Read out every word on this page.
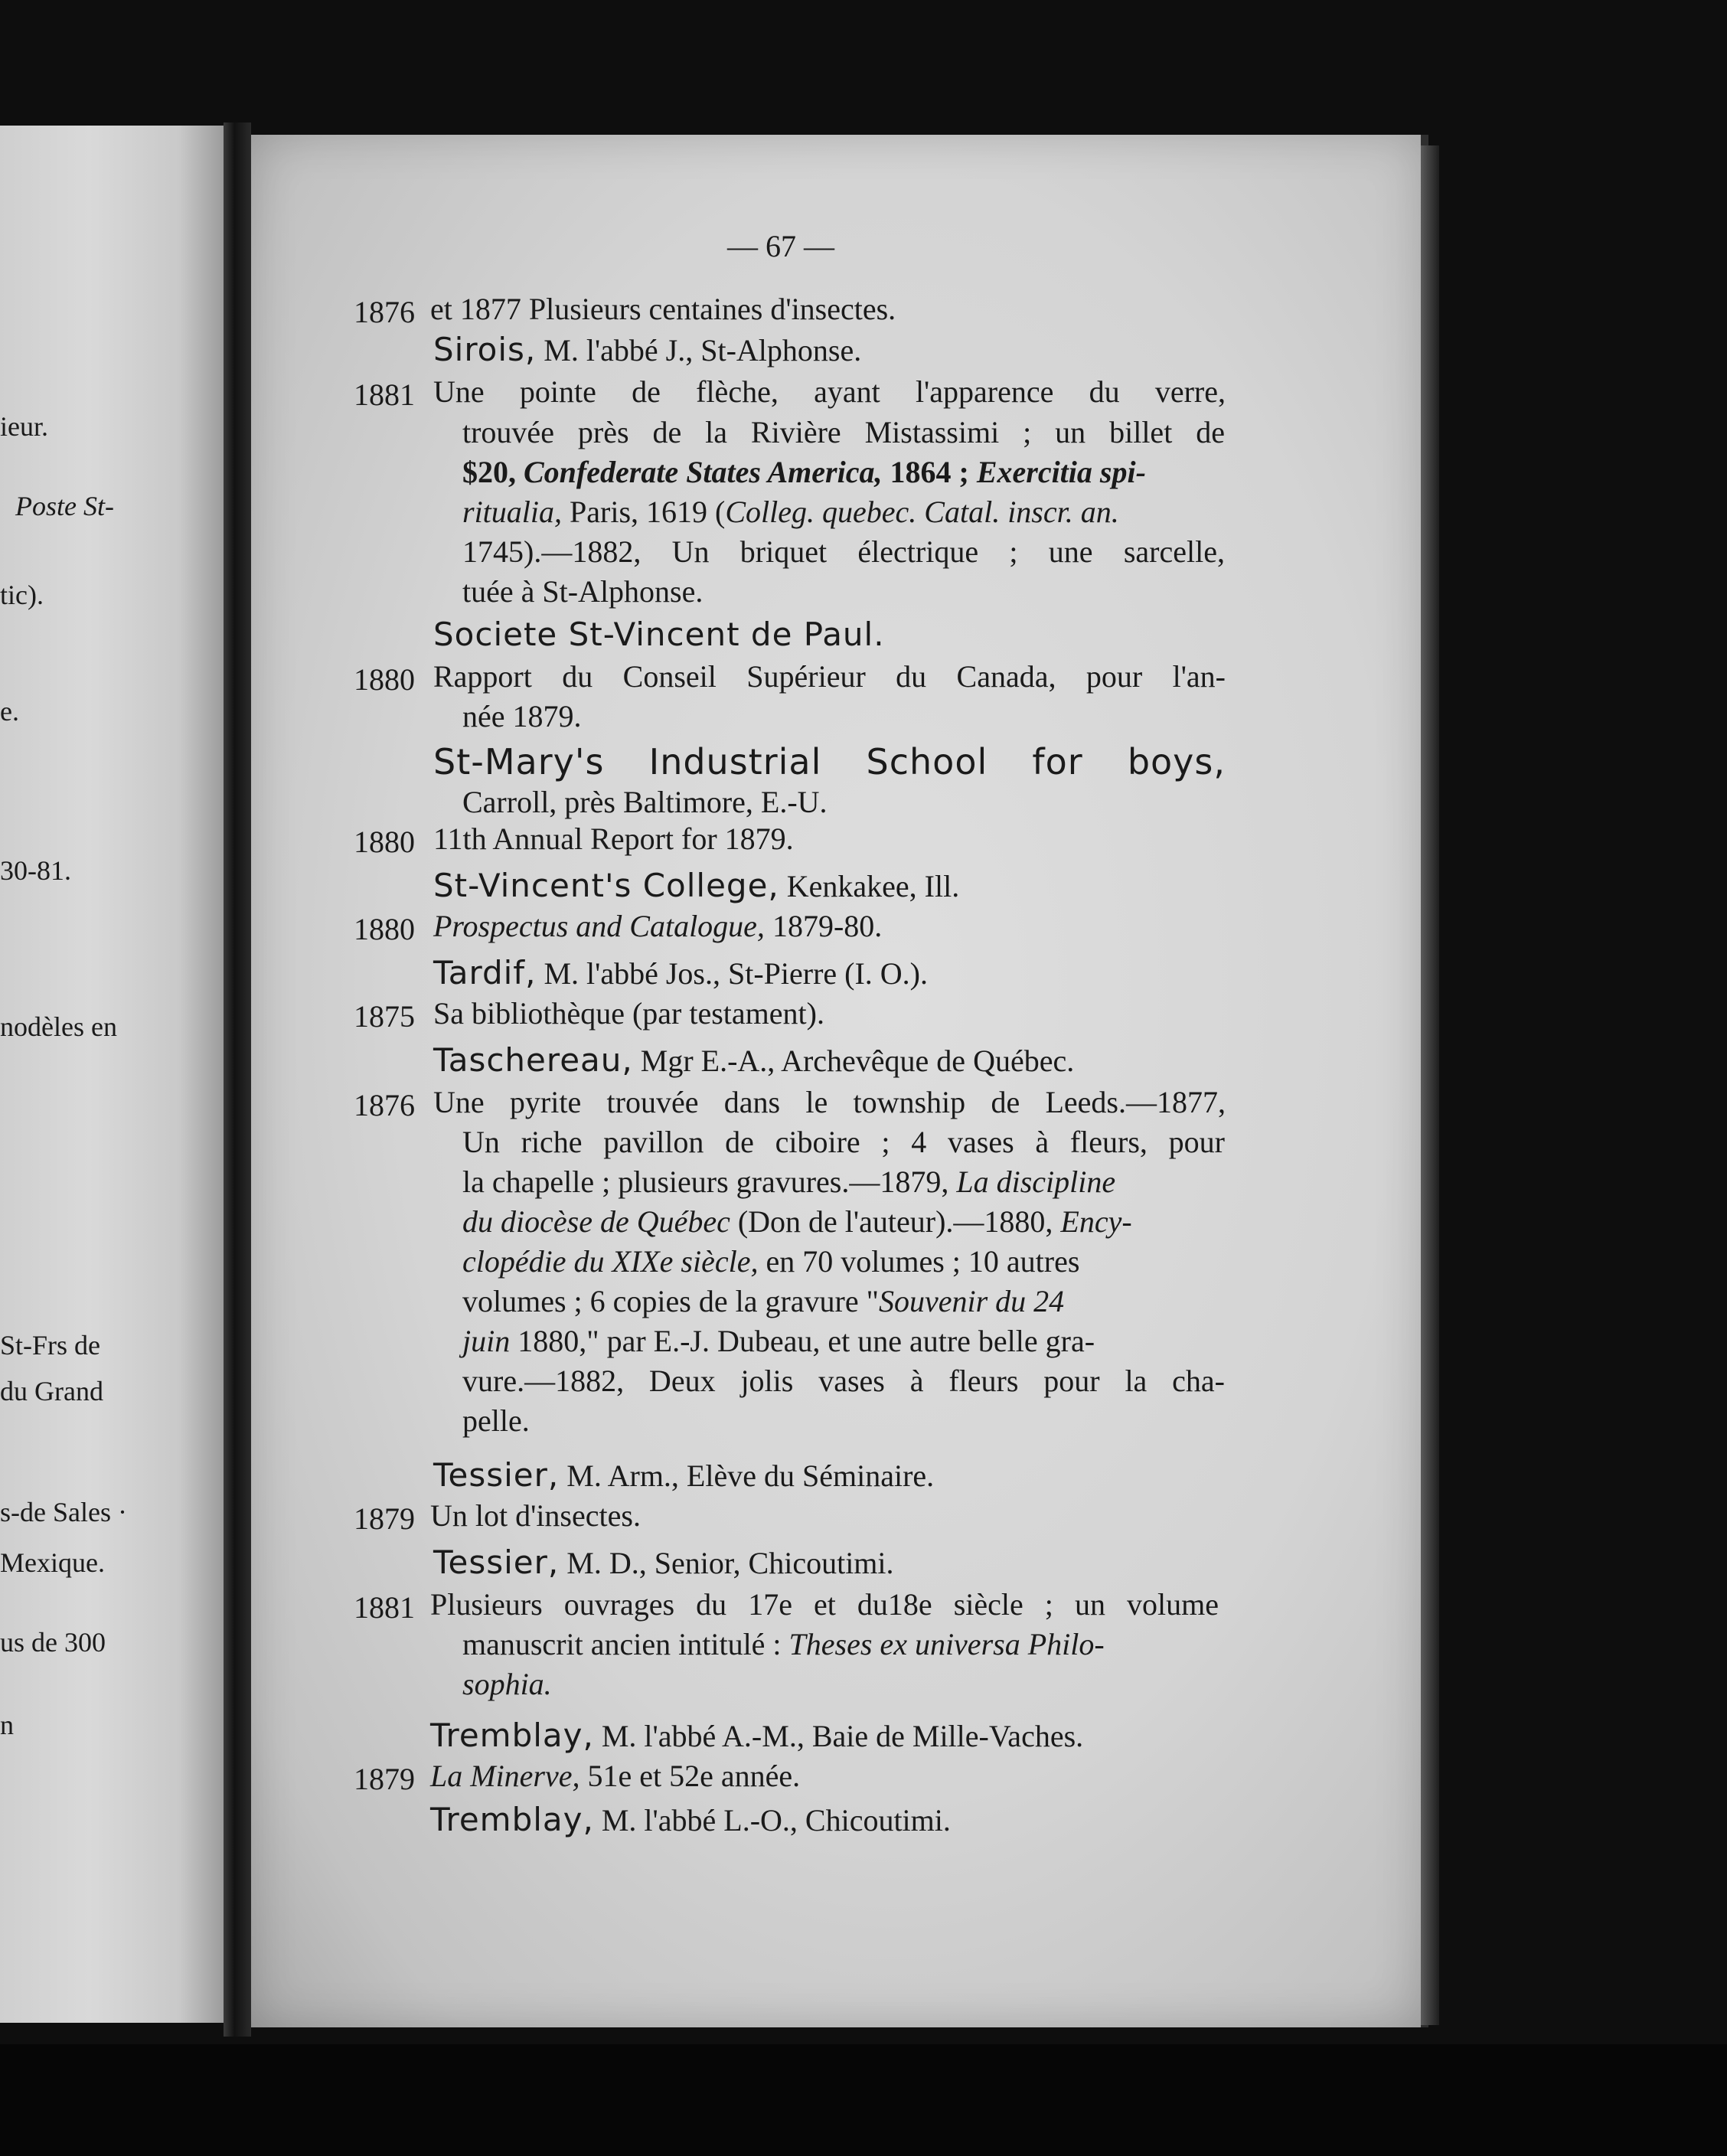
ieur.
Poste St-
tic).
e.
30-81.
nodèles en
St-Frs de
du Grand
s-de Sales ·
Mexique.
us de 300
n
— 67 —
1876 et 1877 Plusieurs centaines d'insectes.
Sirois, M. l'abbé J., St-Alphonse.
1881 Une pointe de flèche, ayant l'apparence du verre,
trouvée près de la Rivière Mistassimi ; un billet de
$20, Confederate States America, 1864 ; Exercitia spi-
ritualia, Paris, 1619 (Colleg. quebec. Catal. inscr. an.
1745).—1882, Un briquet électrique ; une sarcelle,
tuée à St-Alphonse.
Societe St-Vincent de Paul.
1880 Rapport du Conseil Supérieur du Canada, pour l'an-
née 1879.
St-Mary's Industrial School for boys,
Carroll, près Baltimore, E.-U.
1880 11th Annual Report for 1879.
St-Vincent's College, Kenkakee, Ill.
1880 Prospectus and Catalogue, 1879-80.
Tardif, M. l'abbé Jos., St-Pierre (I. O.).
1875 Sa bibliothèque (par testament).
Taschereau, Mgr E.-A., Archevêque de Québec.
1876 Une pyrite trouvée dans le township de Leeds.—1877,
Un riche pavillon de ciboire ; 4 vases à fleurs, pour
la chapelle ; plusieurs gravures.—1879, La discipline
du diocèse de Québec (Don de l'auteur).—1880, Ency-
clopédie du XIXe siècle, en 70 volumes ; 10 autres
volumes ; 6 copies de la gravure "Souvenir du 24
juin 1880," par E.-J. Dubeau, et une autre belle gra-
vure.—1882, Deux jolis vases à fleurs pour la cha-
pelle.
Tessier, M. Arm., Elève du Séminaire.
1879 Un lot d'insectes.
Tessier, M. D., Senior, Chicoutimi.
1881 Plusieurs ouvrages du 17e et du18e siècle ; un volume
manuscrit ancien intitulé : Theses ex universa Philo-
sophia.
Tremblay, M. l'abbé A.-M., Baie de Mille-Vaches.
1879 La Minerve, 51e et 52e année.
Tremblay, M. l'abbé L.-O., Chicoutimi.
